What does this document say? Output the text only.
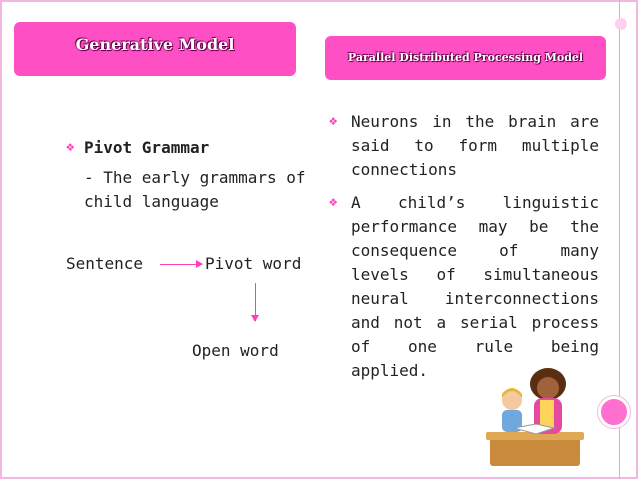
Generative Model
Parallel Distributed Processing Model
❖ Pivot Grammar
- The early grammars of child language
Sentence	Pivot word
Open word
❖ Neurons in the brain are said to form multiple connections
❖ A child’s linguistic performance may be the consequence of many levels of simultaneous neural interconnections and not a serial process of one rule being applied.
